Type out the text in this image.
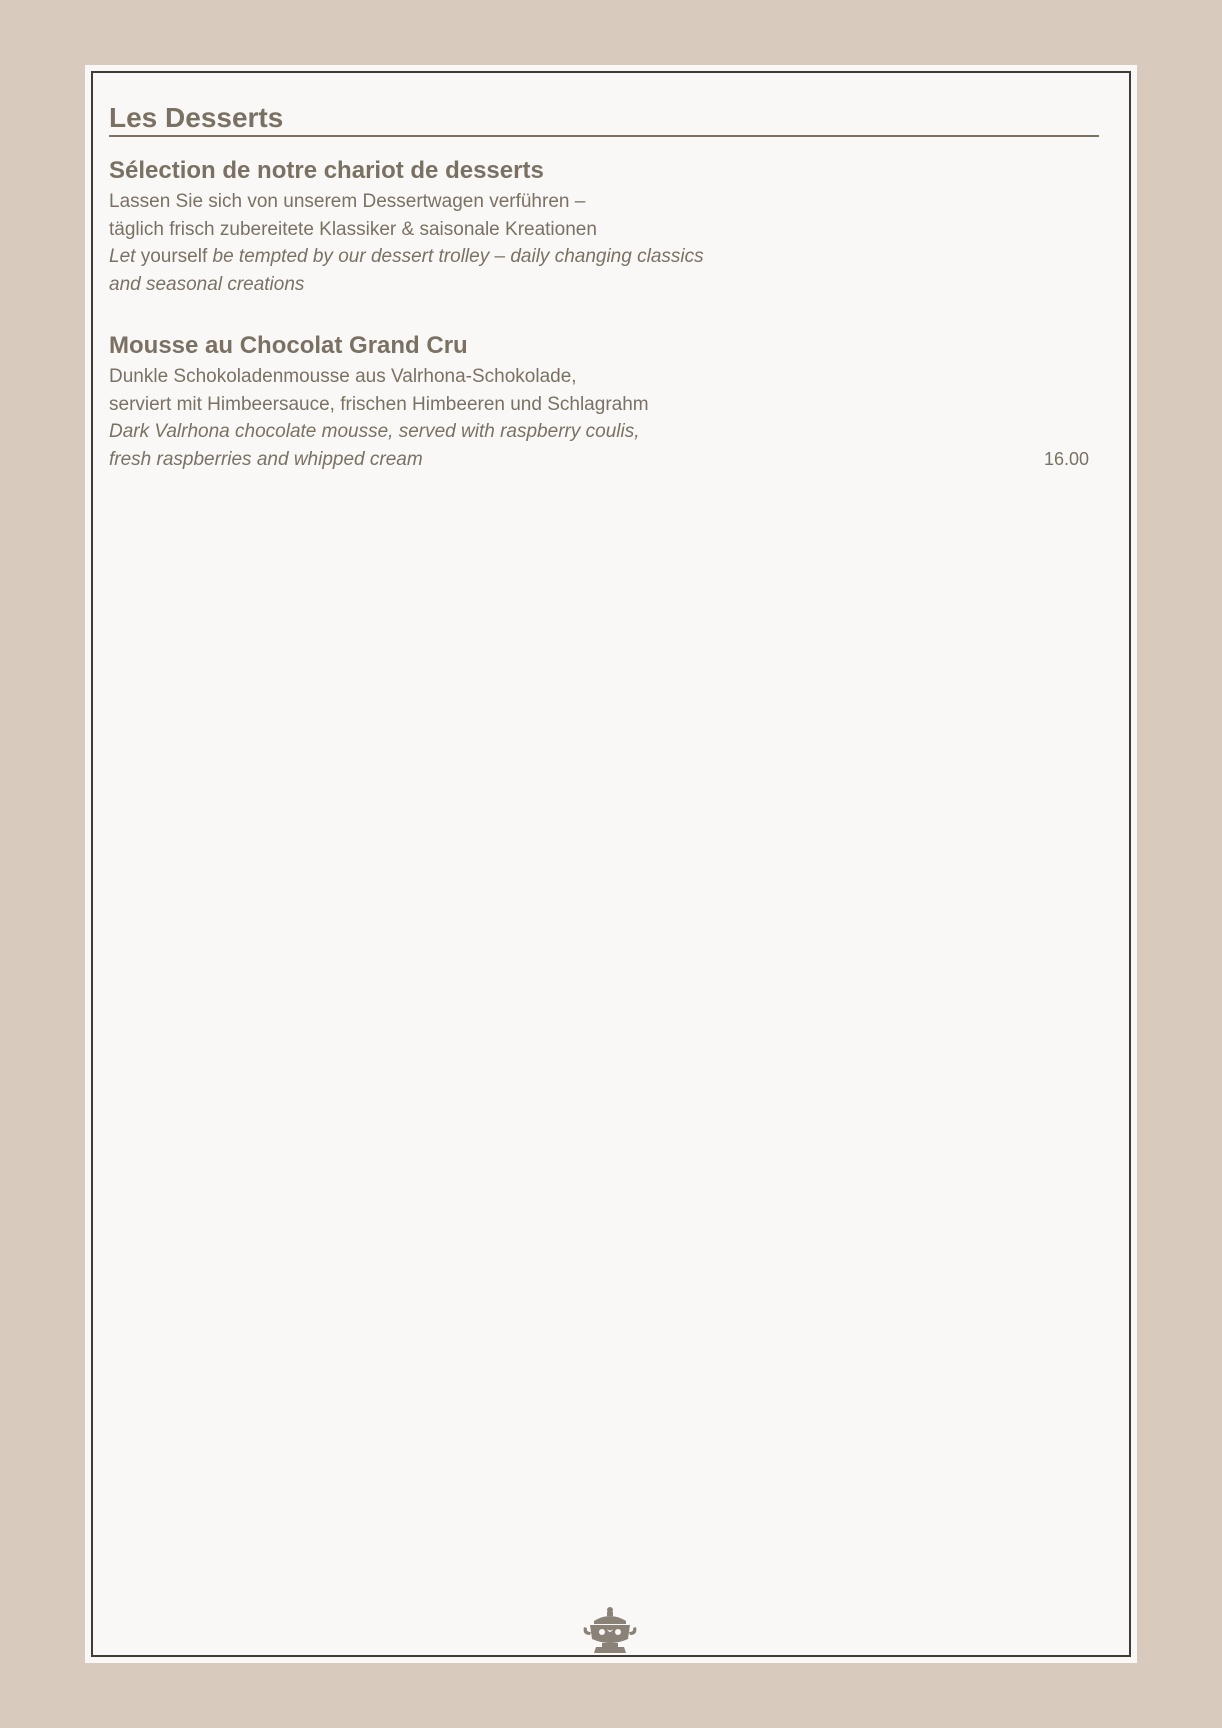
Les Desserts

Sélection de notre chariot de desserts

Lassen Sie sich von unserem Dessertwagen verführen –

täglich frisch zubereitete Klassiker & saisonale Kreationen

Let yourself be tempted by our dessert trolley – daily changing classics

and seasonal creations

Mousse au Chocolat Grand Cru

Dunkle Schokoladenmousse aus Valrhona-Schokolade,

serviert mit Himbeersauce, frischen Himbeeren und Schlagrahm

Dark Valrhona chocolate mousse, served with raspberry coulis,

fresh raspberries and whipped cream	16.00
